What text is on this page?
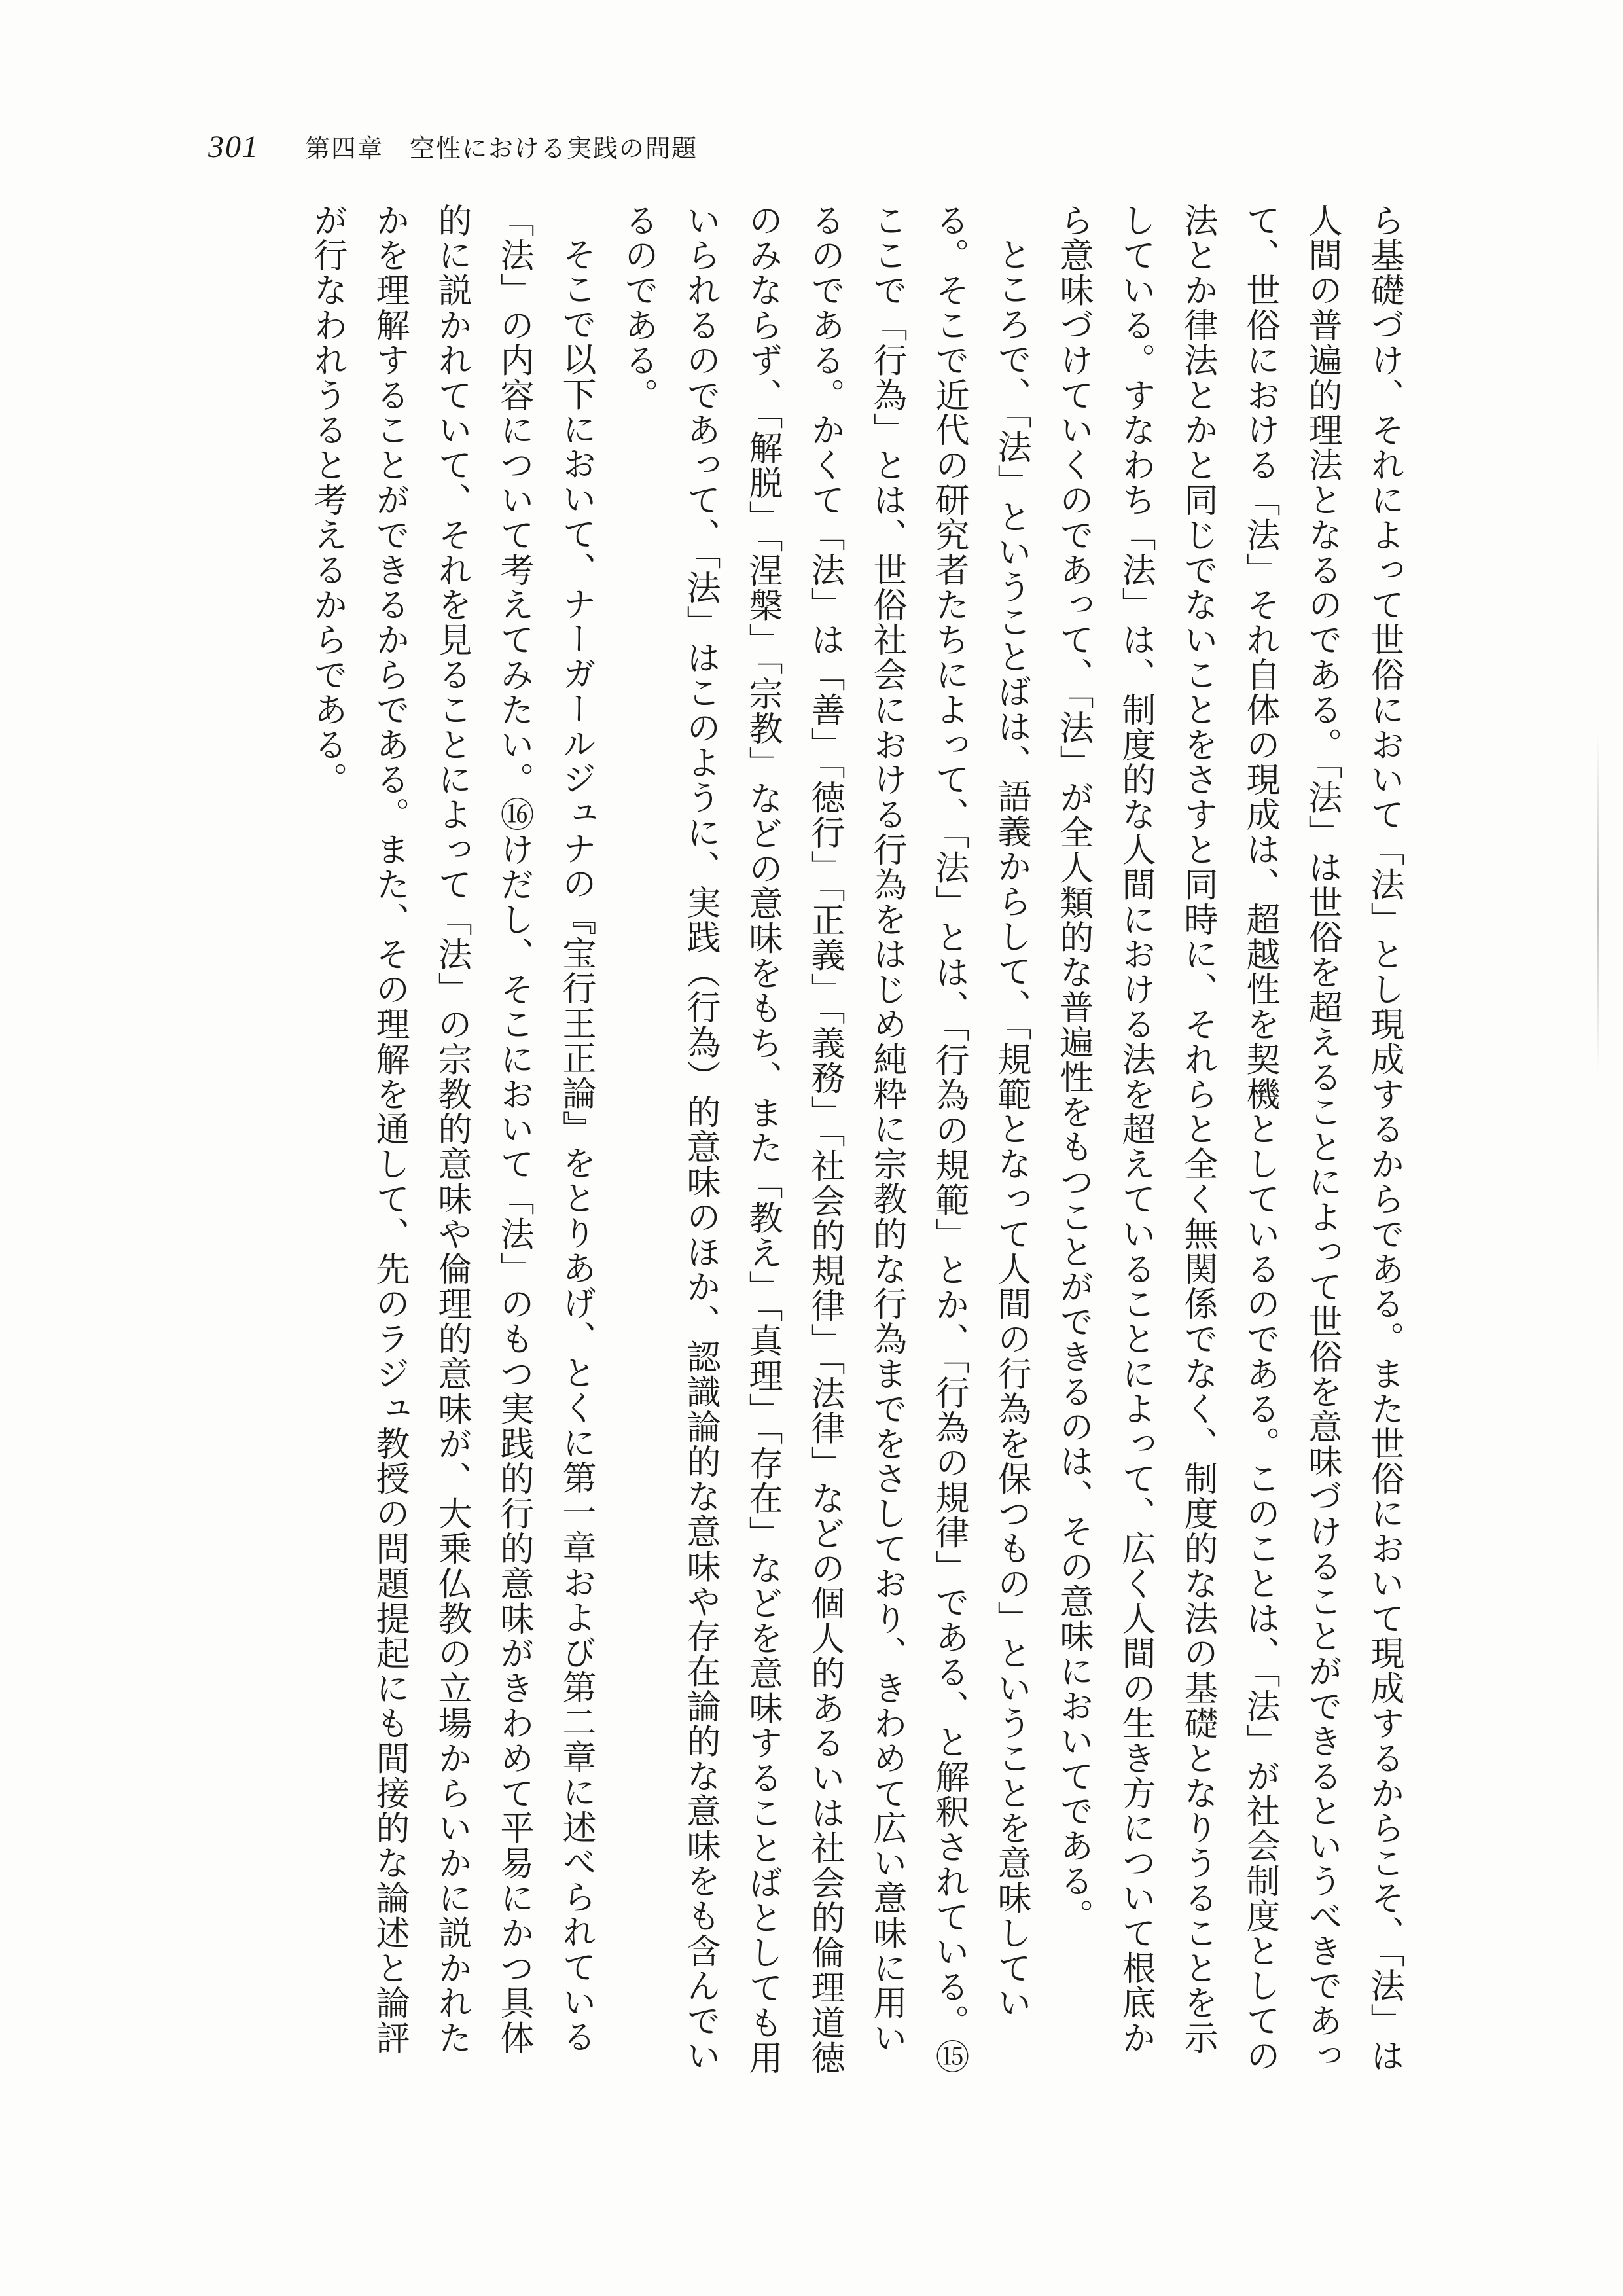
301 第四章　空性における実践の問題

ら基礎づけ、それによって世俗において「法」とし現成するからである。また世俗において現成するからこそ、「法」は人間の普遍的理法となるのである。「法」は世俗を超えることによって世俗を意味づけることができるというべきであって、世俗における「法」それ自体の現成は、超越性を契機としているのである。このことは、「法」が社会制度としての法とか律法とかと同じでないことをさすと同時に、それらと全く無関係でなく、制度的な法の基礎となりうることを示している。すなわち「法」は、制度的な人間における法を超えていることによって、広く人間の生き方について根底から意味づけていくのであって、「法」が全人類的な普遍性をもつことができるのは、その意味においてである。

ところで、「法」ということばは、語義からして、「規範となって人間の行為を保つもの」ということを意味している。そこで近代の研究者たちによって、「法」とは、「行為の規範」とか、「行為の規律」である、と解釈されている。⑮ここで「行為」とは、世俗社会における行為をはじめ純粋に宗教的な行為までをさしており、きわめて広い意味に用いるのである。かくて「法」は「善」「徳行」「正義」「義務」「社会的規律」「法律」などの個人的あるいは社会的倫理道徳のみならず、「解脱」「涅槃」「宗教」などの意味をもち、また「教え」「真理」「存在」などを意味することばとしても用いられるのであって、「法」はこのように、実践（行為）的意味のほか、認識論的な意味や存在論的な意味をも含んでいるのである。

そこで以下において、ナーガールジュナの『宝行王正論』をとりあげ、とくに第一章および第二章に述べられている「法」の内容について考えてみたい。⑯けだし、そこにおいて「法」のもつ実践的行的意味がきわめて平易にかつ具体的に説かれていて、それを見ることによって「法」の宗教的意味や倫理的意味が、大乗仏教の立場からいかに説かれたかを理解することができるからである。また、その理解を通して、先のラジュ教授の問題提起にも間接的な論述と論評が行なわれうると考えるからである。
